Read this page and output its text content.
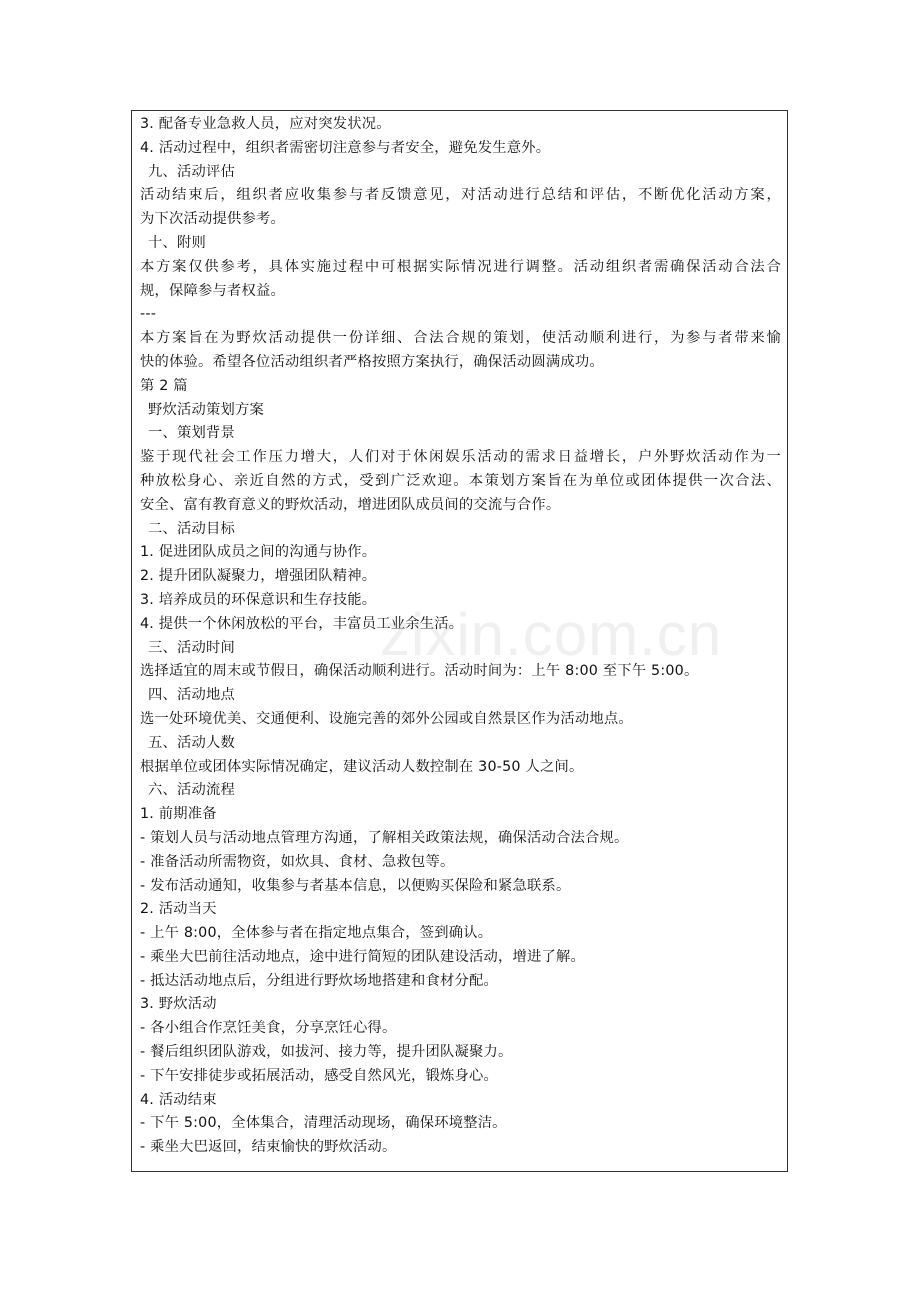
3. 配备专业急救人员，应对突发状况。
4. 活动过程中，组织者需密切注意参与者安全，避免发生意外。
九、活动评估
活动结束后，组织者应收集参与者反馈意见，对活动进行总结和评估，不断优化活动方案，
为下次活动提供参考。
十、附则
本方案仅供参考，具体实施过程中可根据实际情况进行调整。活动组织者需确保活动合法合
规，保障参与者权益。
---
本方案旨在为野炊活动提供一份详细、合法合规的策划，使活动顺利进行，为参与者带来愉
快的体验。希望各位活动组织者严格按照方案执行，确保活动圆满成功。
第 2 篇
野炊活动策划方案
一、策划背景
鉴于现代社会工作压力增大，人们对于休闲娱乐活动的需求日益增长，户外野炊活动作为一
种放松身心、亲近自然的方式，受到广泛欢迎。本策划方案旨在为单位或团体提供一次合法、
安全、富有教育意义的野炊活动，增进团队成员间的交流与合作。
二、活动目标
1. 促进团队成员之间的沟通与协作。
2. 提升团队凝聚力，增强团队精神。
3. 培养成员的环保意识和生存技能。
4. 提供一个休闲放松的平台，丰富员工业余生活。
三、活动时间
选择适宜的周末或节假日，确保活动顺利进行。活动时间为：上午 8:00 至下午 5:00。
四、活动地点
选一处环境优美、交通便利、设施完善的郊外公园或自然景区作为活动地点。
五、活动人数
根据单位或团体实际情况确定，建议活动人数控制在 30-50 人之间。
六、活动流程
1. 前期准备
- 策划人员与活动地点管理方沟通，了解相关政策法规，确保活动合法合规。
- 准备活动所需物资，如炊具、食材、急救包等。
- 发布活动通知，收集参与者基本信息，以便购买保险和紧急联系。
2. 活动当天
- 上午 8:00，全体参与者在指定地点集合，签到确认。
- 乘坐大巴前往活动地点，途中进行简短的团队建设活动，增进了解。
- 抵达活动地点后，分组进行野炊场地搭建和食材分配。
3. 野炊活动
- 各小组合作烹饪美食，分享烹饪心得。
- 餐后组织团队游戏，如拔河、接力等，提升团队凝聚力。
- 下午安排徒步或拓展活动，感受自然风光，锻炼身心。
4. 活动结束
- 下午 5:00，全体集合，清理活动现场，确保环境整洁。
- 乘坐大巴返回，结束愉快的野炊活动。
zixin.com.cn
